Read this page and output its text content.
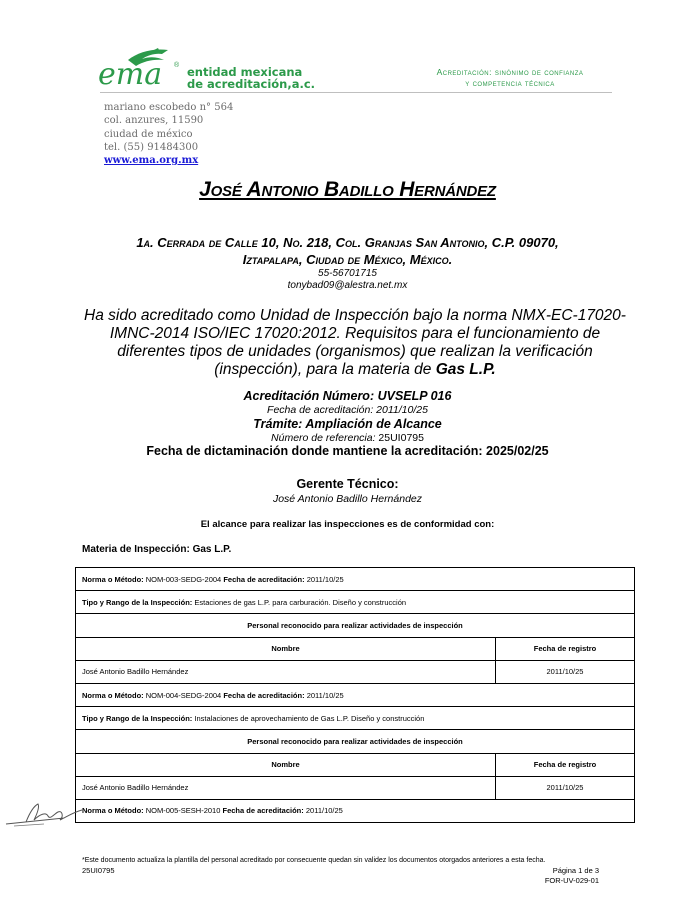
ema ® entidad mexicana
de acreditación,a.c.
Acreditación: sinónimo de confianza
y competencia técnica
mariano escobedo n° 564
col. anzures, 11590
ciudad de méxico
tel. (55) 91484300
www.ema.org.mx
José Antonio Badillo Hernández
1a. Cerrada de Calle 10, No. 218, Col. Granjas San Antonio, C.P. 09070,
Iztapalapa, Ciudad de México, México.
55-56701715
tonybad09@alestra.net.mx
Ha sido acreditado como Unidad de Inspección bajo la norma NMX-EC-17020-IMNC-2014 ISO/IEC 17020:2012. Requisitos para el funcionamiento de diferentes tipos de unidades (organismos) que realizan la verificación (inspección), para la materia de Gas L.P.
Acreditación Número: UVSELP 016
Fecha de acreditación: 2011/10/25
Trámite: Ampliación de Alcance
Número de referencia: 25UI0795
Fecha de dictaminación donde mantiene la acreditación: 2025/02/25
Gerente Técnico:
José Antonio Badillo Hernández
El alcance para realizar las inspecciones es de conformidad con:
Materia de Inspección: Gas L.P.
Norma o Método: NOM-003-SEDG-2004 Fecha de acreditación: 2011/10/25	
Tipo y Rango de la Inspección: Estaciones de gas L.P. para carburación. Diseño y construcción	
Personal reconocido para realizar actividades de inspección	
Nombre	Fecha de registro
José Antonio Badillo Hernández	2011/10/25
Norma o Método: NOM-004-SEDG-2004 Fecha de acreditación: 2011/10/25	
Tipo y Rango de la Inspección: Instalaciones de aprovechamiento de Gas L.P. Diseño y construcción	
Personal reconocido para realizar actividades de inspección	
Nombre	Fecha de registro
José Antonio Badillo Hernández	2011/10/25
Norma o Método: NOM-005-SESH-2010 Fecha de acreditación: 2011/10/25	
*Este documento actualiza la plantilla del personal acreditado por consecuente quedan sin validez los documentos otorgados anteriores a esta fecha.
25UI0795	Página 1 de 3
FOR-UV-029-01
